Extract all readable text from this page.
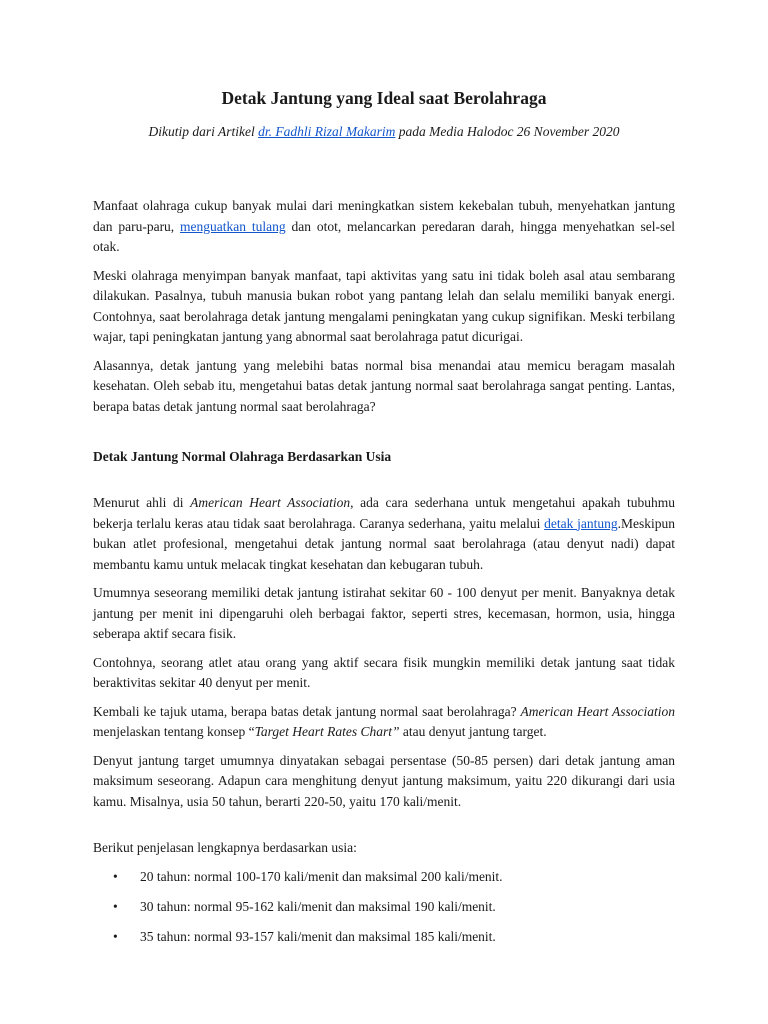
Detak Jantung yang Ideal saat Berolahraga

Dikutip dari Artikel dr. Fadhli Rizal Makarim pada Media Halodoc 26 November 2020

Manfaat olahraga cukup banyak mulai dari meningkatkan sistem kekebalan tubuh, menyehatkan jantung dan paru-paru, menguatkan tulang dan otot, melancarkan peredaran darah, hingga menyehatkan sel-sel otak.

Meski olahraga menyimpan banyak manfaat, tapi aktivitas yang satu ini tidak boleh asal atau sembarang dilakukan. Pasalnya, tubuh manusia bukan robot yang pantang lelah dan selalu memiliki banyak energi. Contohnya, saat berolahraga detak jantung mengalami peningkatan yang cukup signifikan. Meski terbilang wajar, tapi peningkatan jantung yang abnormal saat berolahraga patut dicurigai.

Alasannya, detak jantung yang melebihi batas normal bisa menandai atau memicu beragam masalah kesehatan. Oleh sebab itu, mengetahui batas detak jantung normal saat berolahraga sangat penting. Lantas, berapa batas detak jantung normal saat berolahraga?

Detak Jantung Normal Olahraga Berdasarkan Usia

Menurut ahli di American Heart Association, ada cara sederhana untuk mengetahui apakah tubuhmu bekerja terlalu keras atau tidak saat berolahraga. Caranya sederhana, yaitu melalui detak jantung.Meskipun bukan atlet profesional, mengetahui detak jantung normal saat berolahraga (atau denyut nadi) dapat membantu kamu untuk melacak tingkat kesehatan dan kebugaran tubuh.

Umumnya seseorang memiliki detak jantung istirahat sekitar 60 - 100 denyut per menit. Banyaknya detak jantung per menit ini dipengaruhi oleh berbagai faktor, seperti stres, kecemasan, hormon, usia, hingga seberapa aktif secara fisik.

Contohnya, seorang atlet atau orang yang aktif secara fisik mungkin memiliki detak jantung saat tidak beraktivitas sekitar 40 denyut per menit.

Kembali ke tajuk utama, berapa batas detak jantung normal saat berolahraga? American Heart Association menjelaskan tentang konsep “Target Heart Rates Chart” atau denyut jantung target.

Denyut jantung target umumnya dinyatakan sebagai persentase (50-85 persen) dari detak jantung aman maksimum seseorang. Adapun cara menghitung denyut jantung maksimum, yaitu 220 dikurangi dari usia kamu. Misalnya, usia 50 tahun, berarti 220-50, yaitu 170 kali/menit.

Berikut penjelasan lengkapnya berdasarkan usia:

• 20 tahun: normal 100-170 kali/menit dan maksimal 200 kali/menit.
• 30 tahun: normal 95-162 kali/menit dan maksimal 190 kali/menit.
• 35 tahun: normal 93-157 kali/menit dan maksimal 185 kali/menit.
